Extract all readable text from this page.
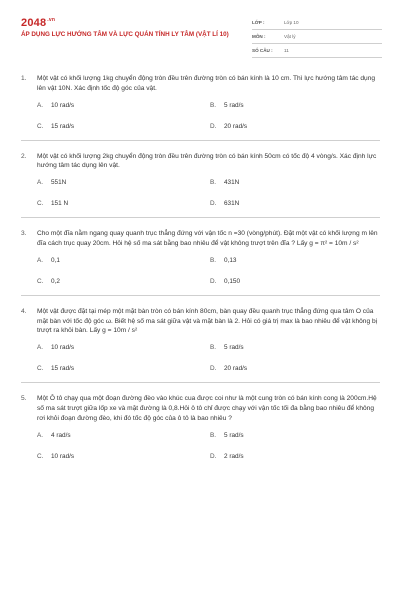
$2048^{.vn}$
ÁP DỤNG LỰC HƯỚNG TÂM VÀ LỰC QUÁN TÍNH LY TÂM (VẬT LÍ 10)
LỚP :	Lớp 10
MÔN :	Vật lý
SỐ CÂU :	11
1.	Một vật có khối lượng 1kg chuyển động tròn đều trên đường tròn có bán kính là 10 cm. Thì lực hướng tâm tác dụng lên vật 10N. Xác định tốc độ góc của vật.
A.	10 rad/s	B.	5 rad/s
C.	15 rad/s	D.	20 rad/s
2.	Một vật có khối lượng 2kg chuyển động tròn đều trên đường tròn có bán kính 50cm có tốc độ 4 vòng/s. Xác định lực hướng tâm tác dụng lên vật.
A.	551N	B.	431N
C.	151 N	D.	631N
3.	Cho một đĩa nằm ngang quay quanh trục thẳng đứng với vận tốc n =30 (vòng/phút). Đặt một vật có khối lượng m lên đĩa cách trục quay 20cm. Hỏi hệ số ma sát bằng bao nhiêu để vật không trượt trên đĩa ? Lấy g = π² = 10m / s²
A.	0,1	B.	0,13
C.	0,2	D.	0,150
4.	Một vật được đặt tại mép một mặt bàn tròn có bán kính 80cm, bàn quay đều quanh trục thẳng đứng qua tâm O của mặt bàn với tốc độ góc ω. Biết hệ số ma sát giữa vật và mặt bàn là 2. Hỏi có giá trị max là bao nhiêu để vật không bị trượt ra khỏi bàn. Lấy g = 10m / s²
A.	10 rad/s	B.	5 rad/s
C.	15 rad/s	D.	20 rad/s
5.	Một Ô tô chạy qua một đoạn đường đèo vào khúc cua được coi như là một cung tròn có bán kính cong là 200cm.Hệ số ma sát trượt giữa lốp xe và mặt đường là 0,8.Hỏi ô tô chỉ được chạy với vận tốc tối đa bằng bao nhiêu để không rơi khỏi đoạn đường đèo, khi đó tốc độ góc của ô tô là bao nhiêu ?
A.	4 rad/s	B.	5 rad/s
C.	10 rad/s	D.	2 rad/s
